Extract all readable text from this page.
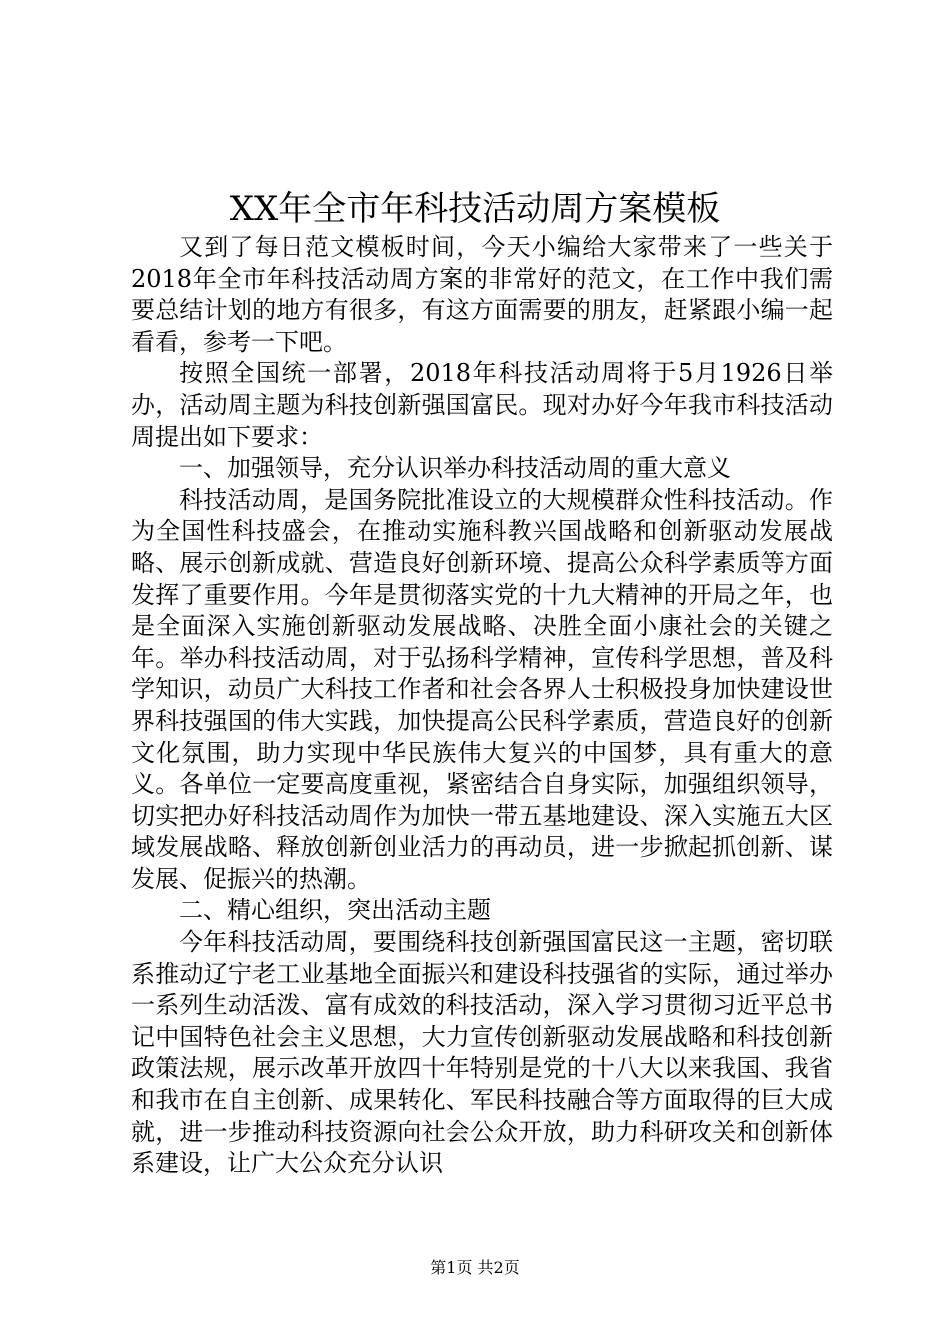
XX年全市年科技活动周方案模板

又到了每日范文模板时间，今天小编给大家带来了一些关于2018年全市年科技活动周方案的非常好的范文，在工作中我们需要总结计划的地方有很多，有这方面需要的朋友，赶紧跟小编一起看看，参考一下吧。

按照全国统一部署，2018年科技活动周将于5月1926日举办，活动周主题为科技创新强国富民。现对办好今年我市科技活动周提出如下要求：

一、加强领导，充分认识举办科技活动周的重大意义

科技活动周，是国务院批准设立的大规模群众性科技活动。作为全国性科技盛会，在推动实施科教兴国战略和创新驱动发展战略、展示创新成就、营造良好创新环境、提高公众科学素质等方面发挥了重要作用。今年是贯彻落实党的十九大精神的开局之年，也是全面深入实施创新驱动发展战略、决胜全面小康社会的关键之年。举办科技活动周，对于弘扬科学精神，宣传科学思想，普及科学知识，动员广大科技工作者和社会各界人士积极投身加快建设世界科技强国的伟大实践，加快提高公民科学素质，营造良好的创新文化氛围，助力实现中华民族伟大复兴的中国梦，具有重大的意义。各单位一定要高度重视，紧密结合自身实际，加强组织领导，切实把办好科技活动周作为加快一带五基地建设、深入实施五大区域发展战略、释放创新创业活力的再动员，进一步掀起抓创新、谋发展、促振兴的热潮。

二、精心组织，突出活动主题

今年科技活动周，要围绕科技创新强国富民这一主题，密切联系推动辽宁老工业基地全面振兴和建设科技强省的实际，通过举办一系列生动活泼、富有成效的科技活动，深入学习贯彻习近平总书记中国特色社会主义思想，大力宣传创新驱动发展战略和科技创新政策法规，展示改革开放四十年特别是党的十八大以来我国、我省和我市在自主创新、成果转化、军民科技融合等方面取得的巨大成就，进一步推动科技资源向社会公众开放，助力科研攻关和创新体系建设，让广大公众充分认识

第1页 共2页
